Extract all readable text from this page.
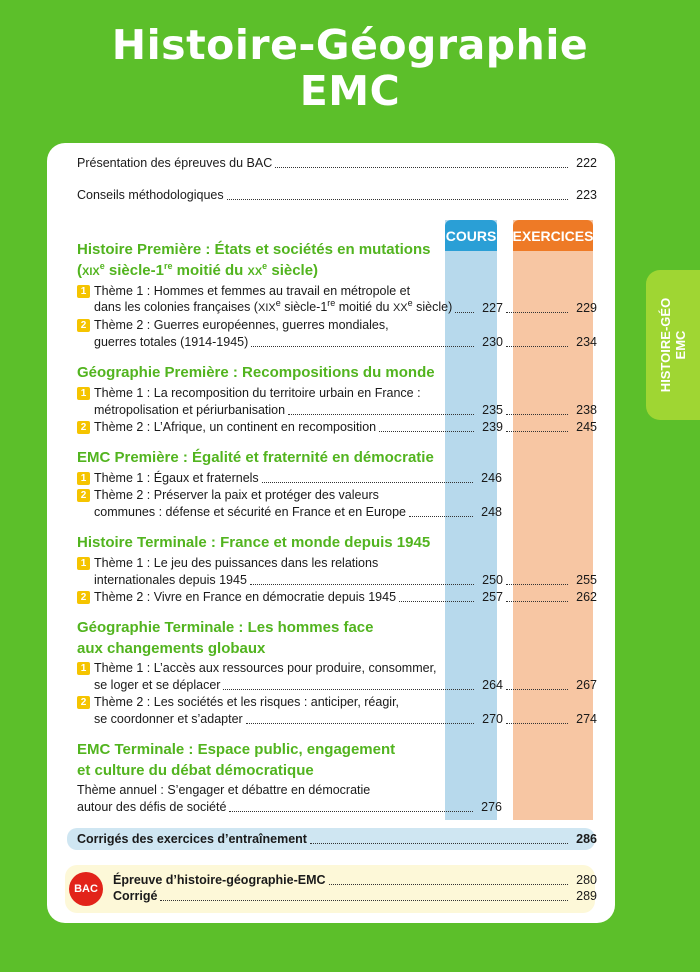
Histoire-Géographie
EMC
HISTOIRE-GÉO EMC
COURS EXERCICES
Présentation des épreuves du BAC	222
Conseils méthodologiques	223
Histoire Première : États et sociétés en mutations
(XIXe siècle-1re moitié du XXe siècle)
1 Thème 1 : Hommes et femmes au travail en métropole et
dans les colonies françaises (XIXe siècle-1re moitié du XXe siècle)	227	229
2 Thème 2 : Guerres européennes, guerres mondiales,
guerres totales (1914-1945)	230	234
Géographie Première : Recompositions du monde
1 Thème 1 : La recomposition du territoire urbain en France :
métropolisation et périurbanisation	235	238
2 Thème 2 : L’Afrique, un continent en recomposition	239	245
EMC Première : Égalité et fraternité en démocratie
1 Thème 1 : Égaux et fraternels	246
2 Thème 2 : Préserver la paix et protéger des valeurs
communes : défense et sécurité en France et en Europe	248
Histoire Terminale : France et monde depuis 1945
1 Thème 1 : Le jeu des puissances dans les relations
internationales depuis 1945	250	255
2 Thème 2 : Vivre en France en démocratie depuis 1945	257	262
Géographie Terminale : Les hommes face
aux changements globaux
1 Thème 1 : L’accès aux ressources pour produire, consommer,
se loger et se déplacer	264	267
2 Thème 2 : Les sociétés et les risques : anticiper, réagir,
se coordonner et s’adapter	270	274
EMC Terminale : Espace public, engagement
et culture du débat démocratique
Thème annuel : S’engager et débattre en démocratie
autour des défis de société	276
Corrigés des exercices d’entraînement	286
BAC
Épreuve d’histoire-géographie-EMC	280
Corrigé	289
